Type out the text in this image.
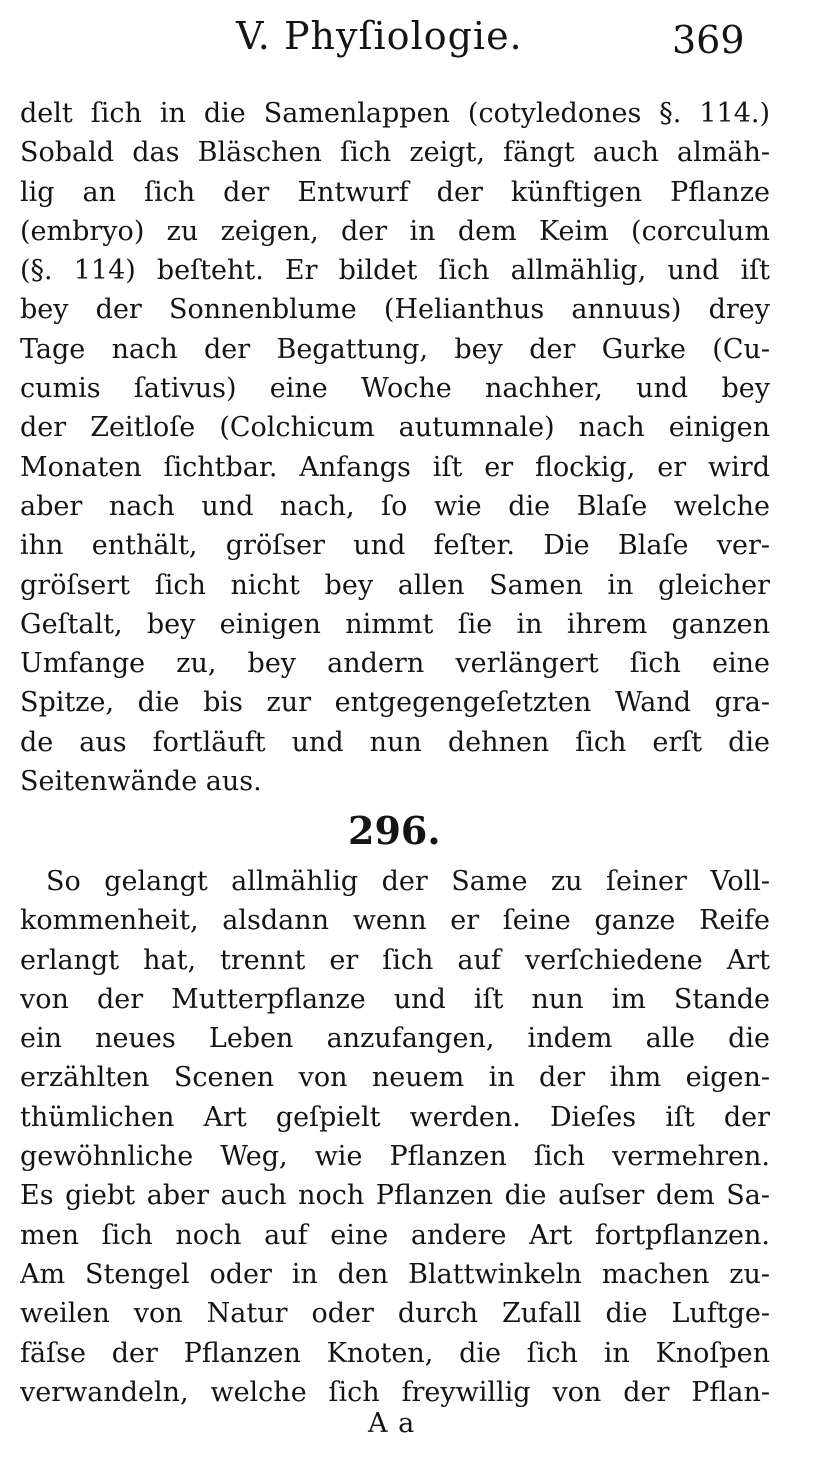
V. Phyſiologie.	369
delt ſich in die Samenlappen (cotyledones §. 114.)
Sobald das Bläschen ſich zeigt, fängt auch almäh-
lig an ſich der Entwurf der künftigen Pflanze
(embryo) zu zeigen, der in dem Keim (corculum
(§. 114) beſteht. Er bildet ſich allmählig, und iſt
bey der Sonnenblume (Helianthus annuus) drey
Tage nach der Begattung, bey der Gurke (Cu-
cumis ſativus) eine Woche nachher, und bey
der Zeitloſe (Colchicum autumnale) nach einigen
Monaten ſichtbar. Anfangs iſt er flockig, er wird
aber nach und nach, ſo wie die Blaſe welche
ihn enthält, gröſser und feſter. Die Blaſe ver-
gröſsert ſich nicht bey allen Samen in gleicher
Geſtalt, bey einigen nimmt ſie in ihrem ganzen
Umfange zu, bey andern verlängert ſich eine
Spitze, die bis zur entgegengeſetzten Wand gra-
de aus fortläuft und nun dehnen ſich erſt die
Seitenwände aus.
296.
So gelangt allmählig der Same zu ſeiner Voll-
kommenheit, alsdann wenn er ſeine ganze Reife
erlangt hat, trennt er ſich auf verſchiedene Art
von der Mutterpflanze und iſt nun im Stande
ein neues Leben anzufangen, indem alle die
erzählten Scenen von neuem in der ihm eigen-
thümlichen Art geſpielt werden. Dieſes iſt der
gewöhnliche Weg, wie Pflanzen ſich vermehren.
Es giebt aber auch noch Pflanzen die auſser dem Sa-
men ſich noch auf eine andere Art fortpflanzen.
Am Stengel oder in den Blattwinkeln machen zu-
weilen von Natur oder durch Zufall die Luftge-
fäſse der Pflanzen Knoten, die ſich in Knoſpen
verwandeln, welche ſich freywillig von der Pflan-
A a
